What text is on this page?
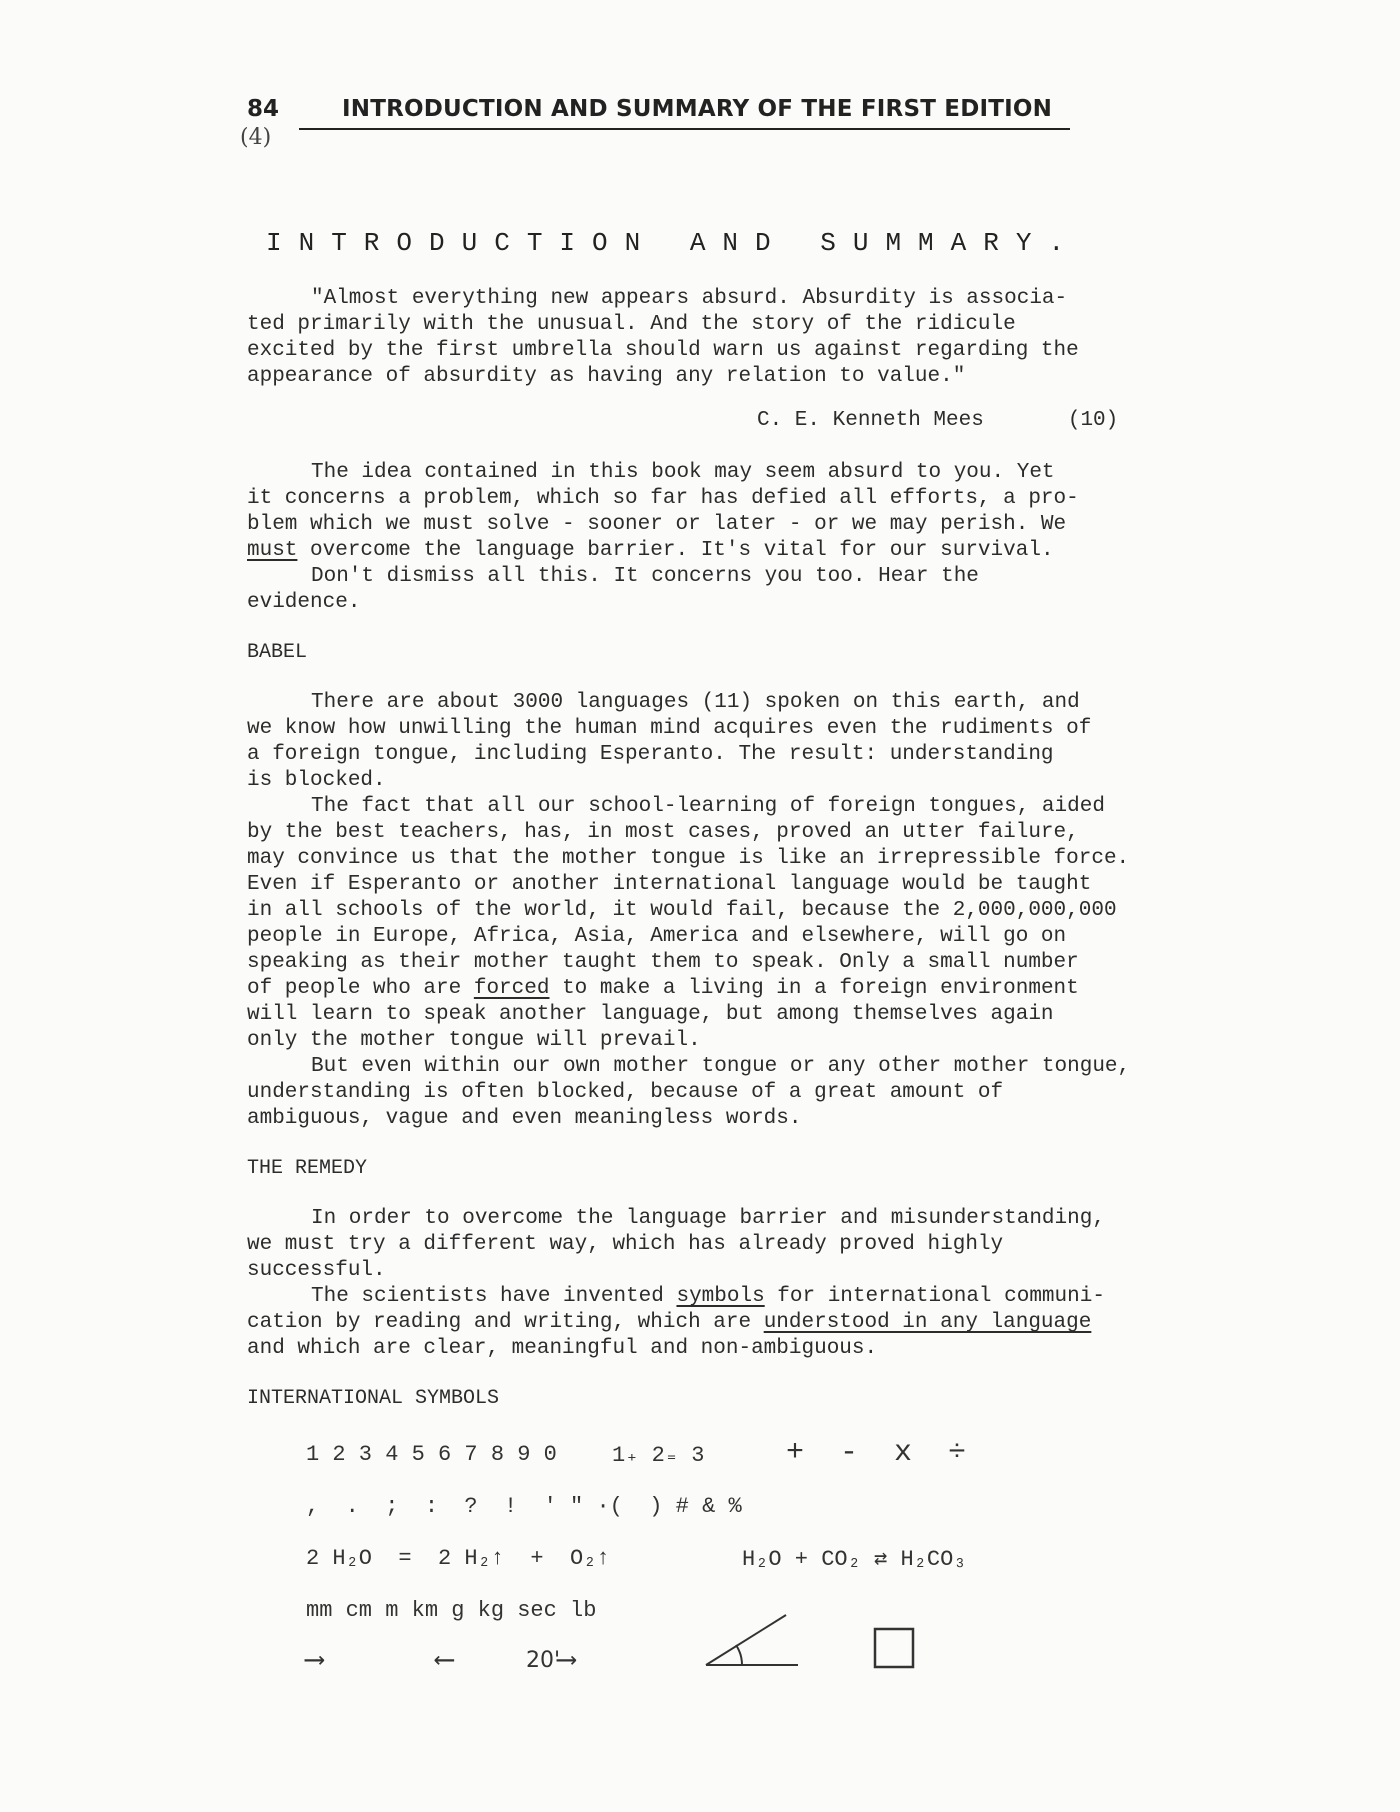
84	INTRODUCTION AND SUMMARY OF THE FIRST EDITION
(4)
INTRODUCTION AND SUMMARY.

"Almost everything new appears absurd. Absurdity is associa-

ted primarily with the unusual. And the story of the ridicule

excited by the first umbrella should warn us against regarding the

appearance of absurdity as having any relation to value."

C. E. Kenneth Mees	(10)

The idea contained in this book may seem absurd to you. Yet

it concerns a problem, which so far has defied all efforts, a pro-

blem which we must solve - sooner or later - or we may perish. We

must overcome the language barrier. It's vital for our survival.

Don't dismiss all this. It concerns you too. Hear the

evidence.

BABEL

There are about 3000 languages (11) spoken on this earth, and

we know how unwilling the human mind acquires even the rudiments of

a foreign tongue, including Esperanto. The result: understanding

is blocked.

The fact that all our school-learning of foreign tongues, aided

by the best teachers, has, in most cases, proved an utter failure,

may convince us that the mother tongue is like an irrepressible force.

Even if Esperanto or another international language would be taught

in all schools of the world, it would fail, because the 2,000,000,000

people in Europe, Africa, Asia, America and elsewhere, will go on

speaking as their mother taught them to speak. Only a small number

of people who are forced to make a living in a foreign environment

will learn to speak another language, but among themselves again

only the mother tongue will prevail.

But even within our own mother tongue or any other mother tongue,

understanding is often blocked, because of a great amount of

ambiguous, vague and even meaningless words.

THE REMEDY

In order to overcome the language barrier and misunderstanding,

we must try a different way, which has already proved highly

successful.

The scientists have invented symbols for international communi-

cation by reading and writing, which are understood in any language

and which are clear, meaningful and non-ambiguous.

INTERNATIONAL SYMBOLS

1 2 3 4 5 6 7 8 9 0	1₊ 2₌ 3	+  -  x  ÷
,  .  ;  :  ?  !  ' " ·(  ) # & %
2 H₂O  =  2 H₂↑  +  O₂↑	H₂O + CO₂ ⇄ H₂CO₃
mm cm m km g kg sec lb
⟶	⟵	20'
⟶
